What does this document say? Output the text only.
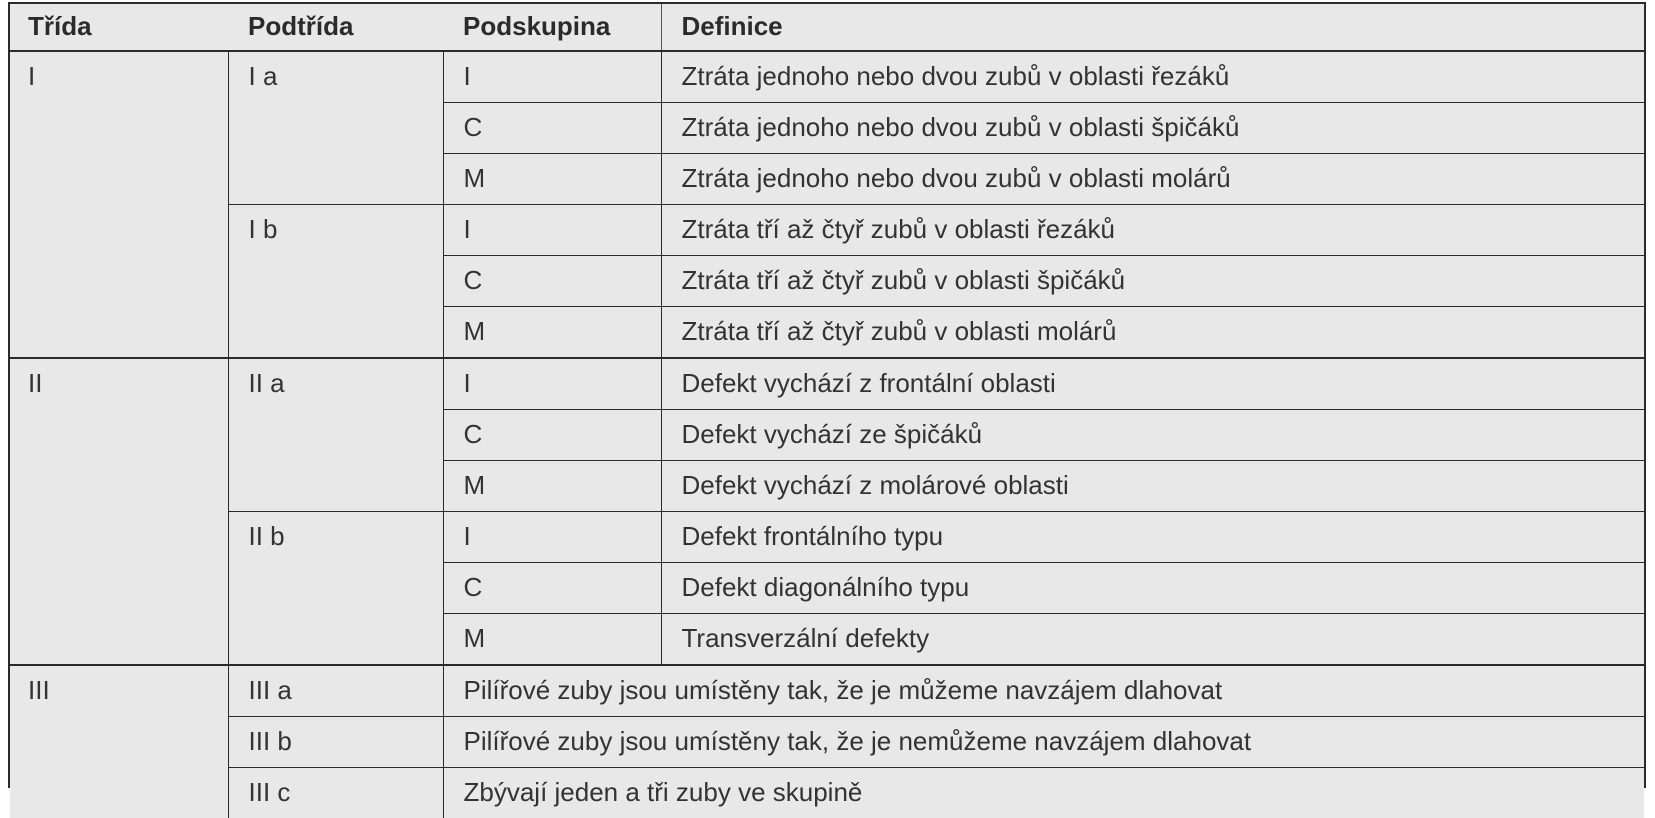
Třída	Podtřída	Podskupina	Definice
I	I a	I	Ztráta jednoho nebo dvou zubů v oblasti řezáků
		C	Ztráta jednoho nebo dvou zubů v oblasti špičáků
		M	Ztráta jednoho nebo dvou zubů v oblasti molárů
	I b	I	Ztráta tří až čtyř zubů v oblasti řezáků
		C	Ztráta tří až čtyř zubů v oblasti špičáků
		M	Ztráta tří až čtyř zubů v oblasti molárů
II	II a	I	Defekt vychází z frontální oblasti
		C	Defekt vychází ze špičáků
		M	Defekt vychází z molárové oblasti
	II b	I	Defekt frontálního typu
		C	Defekt diagonálního typu
		M	Transverzální defekty
III	III a	Pilířové zuby jsou umístěny tak, že je můžeme navzájem dlahovat	
	III b	Pilířové zuby jsou umístěny tak, že je nemůžeme navzájem dlahovat	
	III c	Zbývají jeden a tři zuby ve skupině	
